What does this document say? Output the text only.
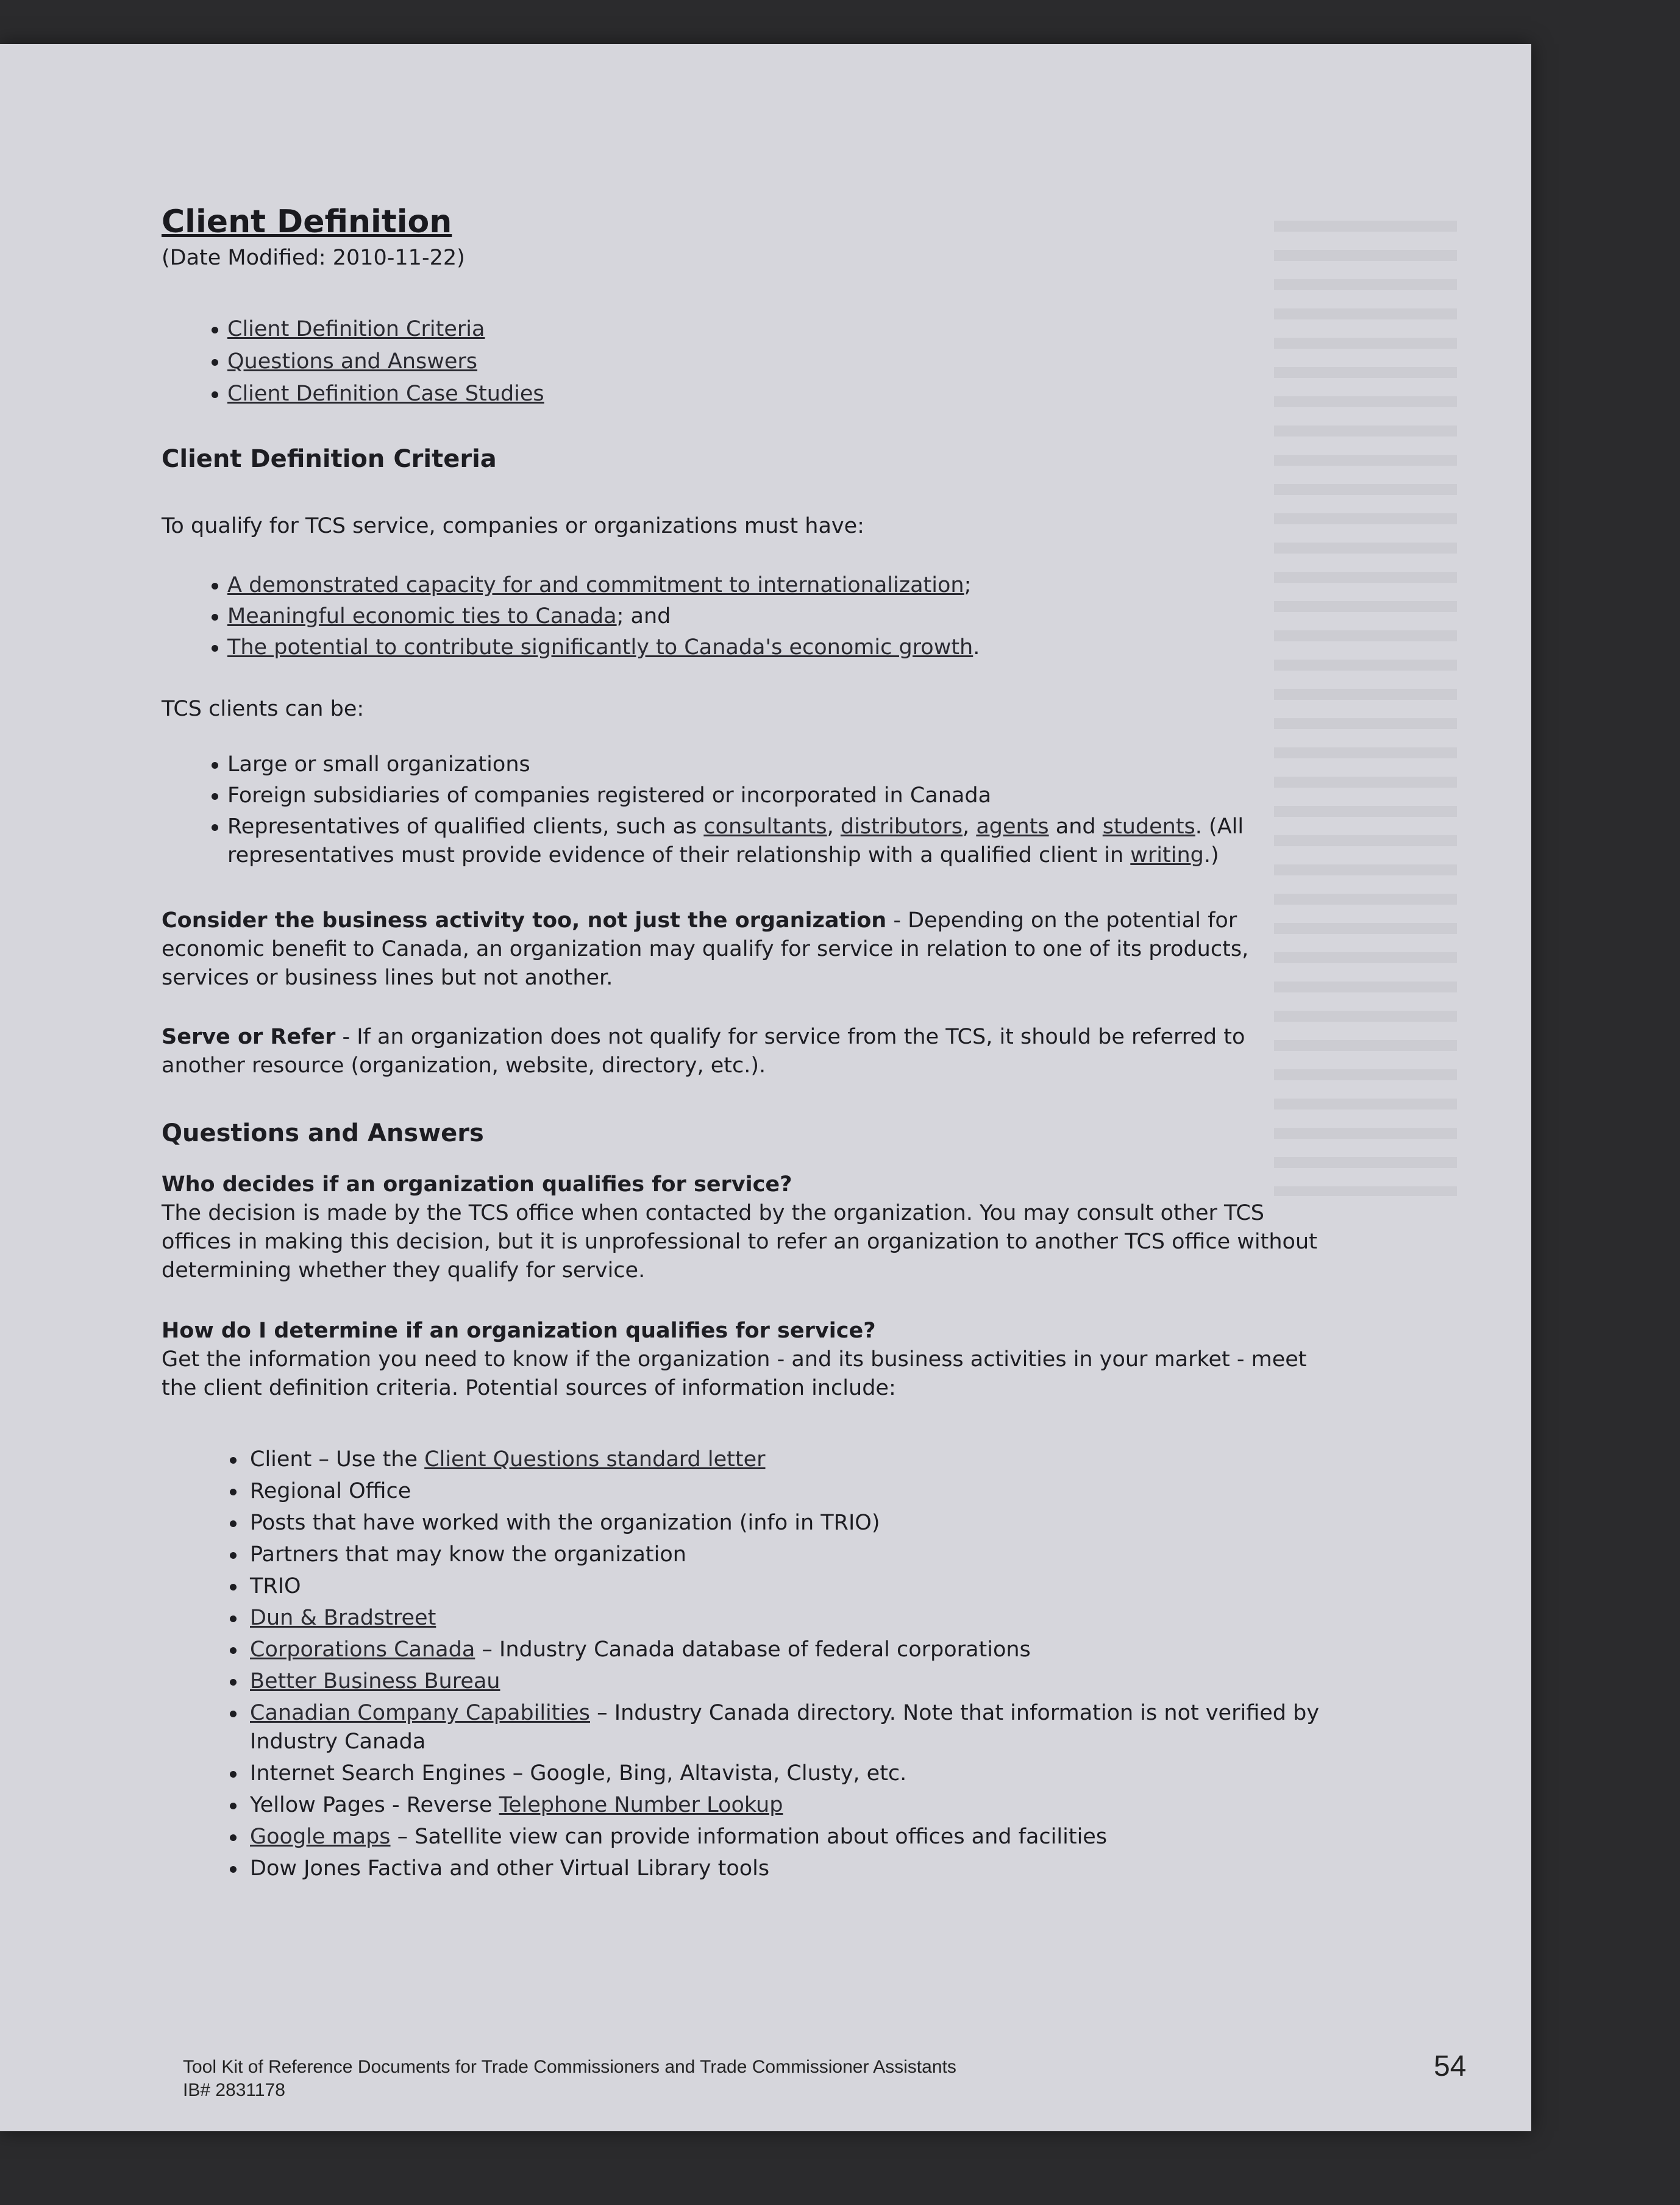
Client Definition

(Date Modified: 2010-11-22)

Client Definition Criteria
Questions and Answers
Client Definition Case Studies
Client Definition Criteria

To qualify for TCS service, companies or organizations must have:

A demonstrated capacity for and commitment to internationalization;
Meaningful economic ties to Canada; and
The potential to contribute significantly to Canada's economic growth.

TCS clients can be:

Large or small organizations
Foreign subsidiaries of companies registered or incorporated in Canada
Representatives of qualified clients, such as consultants, distributors, agents and students. (All representatives must provide evidence of their relationship with a qualified client in writing.)

Consider the business activity too, not just the organization - Depending on the potential for economic benefit to Canada, an organization may qualify for service in relation to one of its products, services or business lines but not another.

Serve or Refer - If an organization does not qualify for service from the TCS, it should be referred to another resource (organization, website, directory, etc.).

Questions and Answers

Who decides if an organization qualifies for service?

The decision is made by the TCS office when contacted by the organization. You may consult other TCS offices in making this decision, but it is unprofessional to refer an organization to another TCS office without determining whether they qualify for service.

How do I determine if an organization qualifies for service?

Get the information you need to know if the organization - and its business activities in your market - meet the client definition criteria. Potential sources of information include:

Client – Use the Client Questions standard letter
Regional Office
Posts that have worked with the organization (info in TRIO)
Partners that may know the organization
TRIO
Dun & Bradstreet
Corporations Canada – Industry Canada database of federal corporations
Better Business Bureau
Canadian Company Capabilities – Industry Canada directory. Note that information is not verified by Industry Canada
Internet Search Engines – Google, Bing, Altavista, Clusty, etc.
Yellow Pages - Reverse Telephone Number Lookup
Google maps – Satellite view can provide information about offices and facilities
Dow Jones Factiva and other Virtual Library tools
Tool Kit of Reference Documents for Trade Commissioners and Trade Commissioner Assistants
IB# 2831178
54
